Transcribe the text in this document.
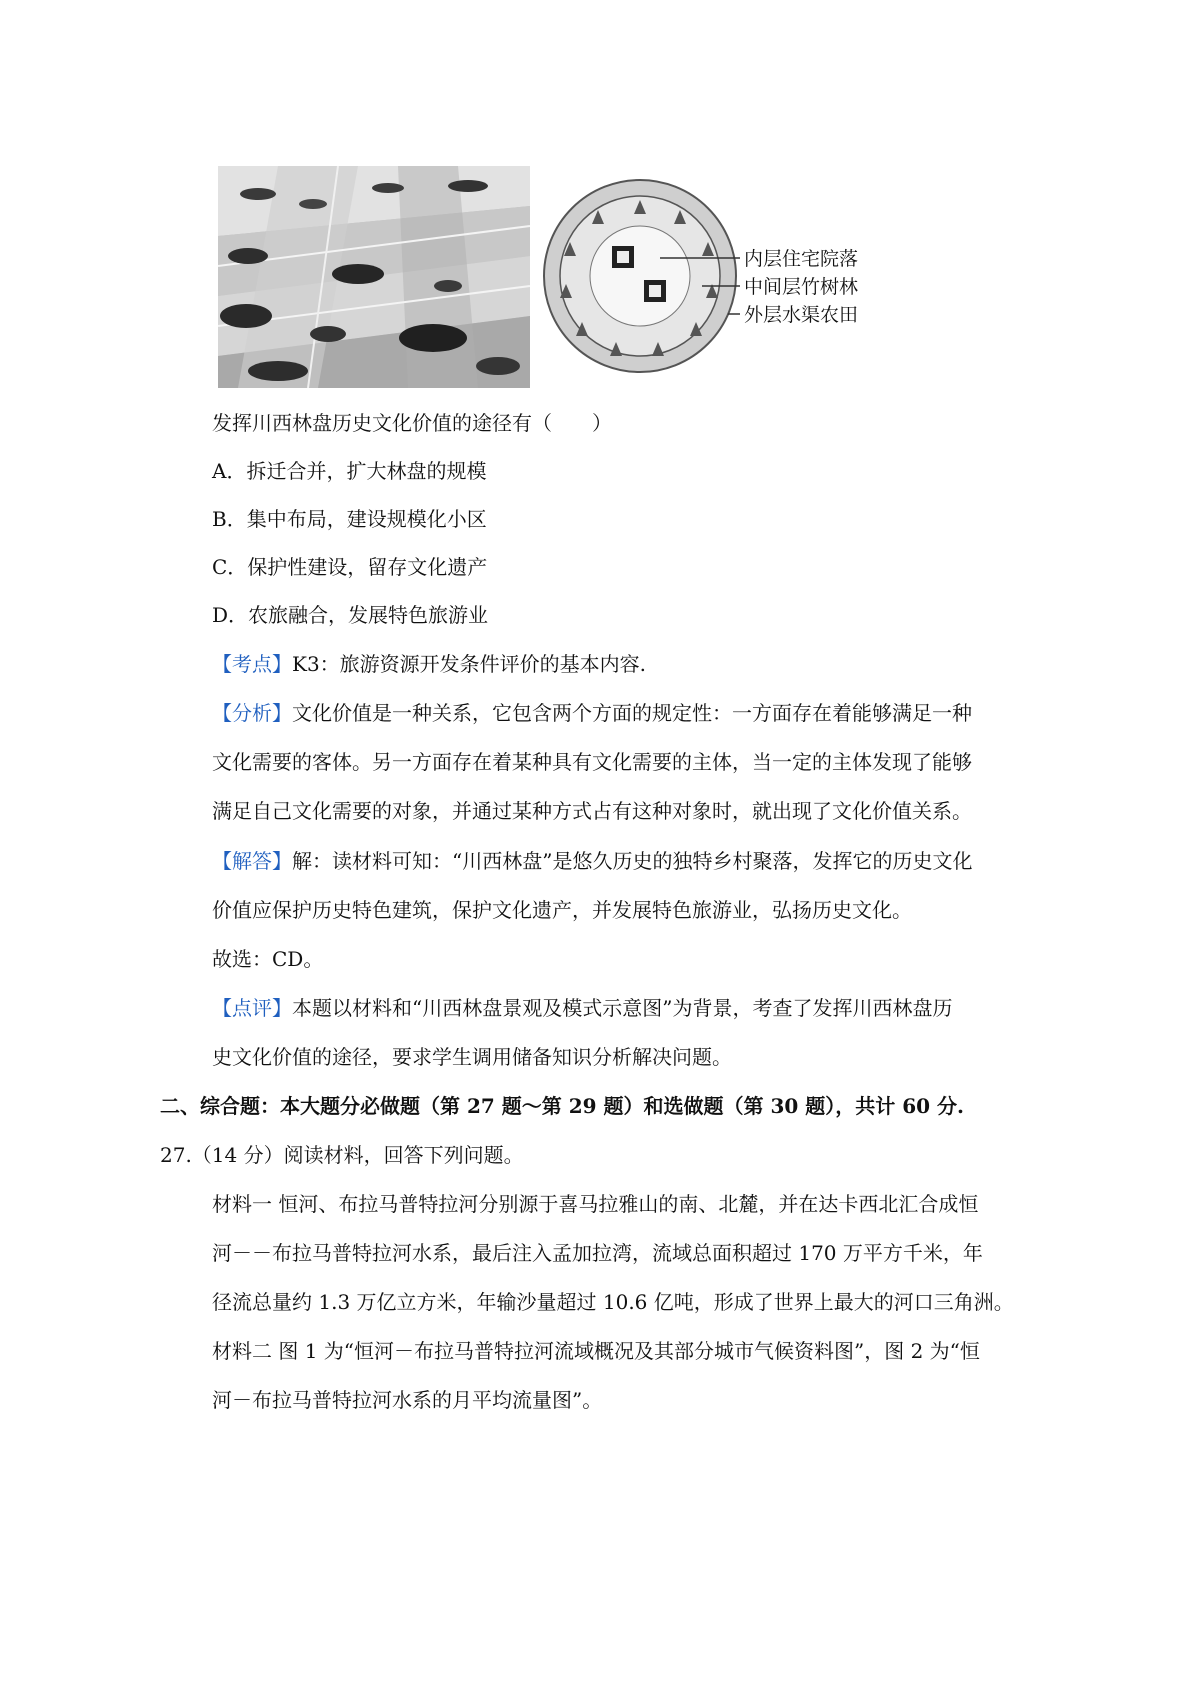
内层住宅院落
中间层竹树林
外层水渠农田
发挥川西林盘历史文化价值的途径有（　　）
A．拆迁合并，扩大林盘的规模
B．集中布局，建设规模化小区
C．保护性建设，留存文化遗产
D．农旅融合，发展特色旅游业
【考点】K3：旅游资源开发条件评价的基本内容.
【分析】文化价值是一种关系，它包含两个方面的规定性：一方面存在着能够满足一种
文化需要的客体。另一方面存在着某种具有文化需要的主体，当一定的主体发现了能够
满足自己文化需要的对象，并通过某种方式占有这种对象时，就出现了文化价值关系。
【解答】解：读材料可知：“川西林盘”是悠久历史的独特乡村聚落，发挥它的历史文化
价值应保护历史特色建筑，保护文化遗产，并发展特色旅游业，弘扬历史文化。
故选：CD。
【点评】本题以材料和“川西林盘景观及模式示意图”为背景，考查了发挥川西林盘历
史文化价值的途径，要求学生调用储备知识分析解决问题。
二、综合题：本大题分必做题（第 27 题～第 29 题）和选做题（第 30 题），共计 60 分.
27.（14 分）阅读材料，回答下列问题。
材料一 恒河、布拉马普特拉河分别源于喜马拉雅山的南、北麓，并在达卡西北汇合成恒
河－－布拉马普特拉河水系，最后注入孟加拉湾，流域总面积超过 170 万平方千米，年
径流总量约 1.3 万亿立方米，年输沙量超过 10.6 亿吨，形成了世界上最大的河口三角洲。
材料二 图 1 为“恒河－布拉马普特拉河流域概况及其部分城市气候资料图”，图 2 为“恒
河－布拉马普特拉河水系的月平均流量图”。
